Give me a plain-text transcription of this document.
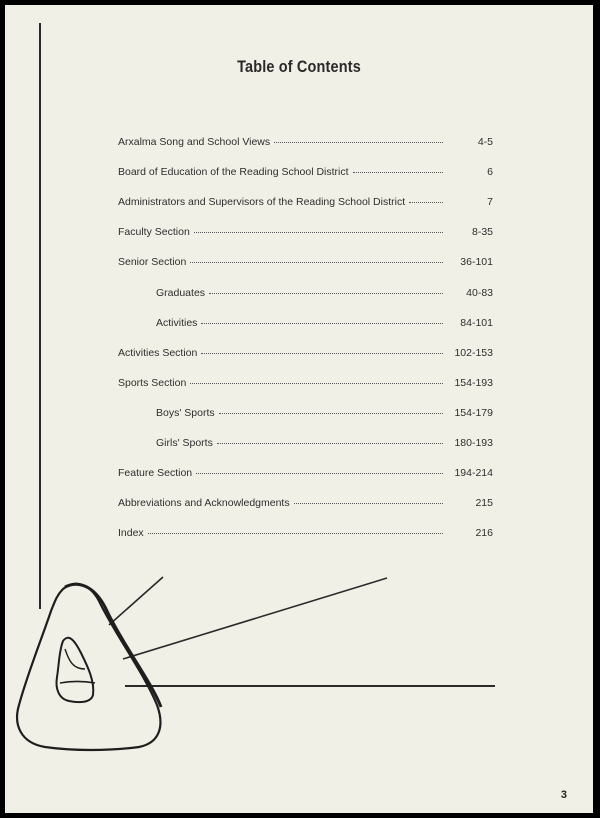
Table of Contents
Arxalma Song and School Views	4-5
Board of Education of the Reading School District	6
Administrators and Supervisors of the Reading School District	7
Faculty Section	8-35
Senior Section	36-101
Graduates	40-83
Activities	84-101
Activities Section	102-153
Sports Section	154-193
Boys' Sports	154-179
Girls' Sports	180-193
Feature Section	194-214
Abbreviations and Acknowledgments	215
Index	216
3
